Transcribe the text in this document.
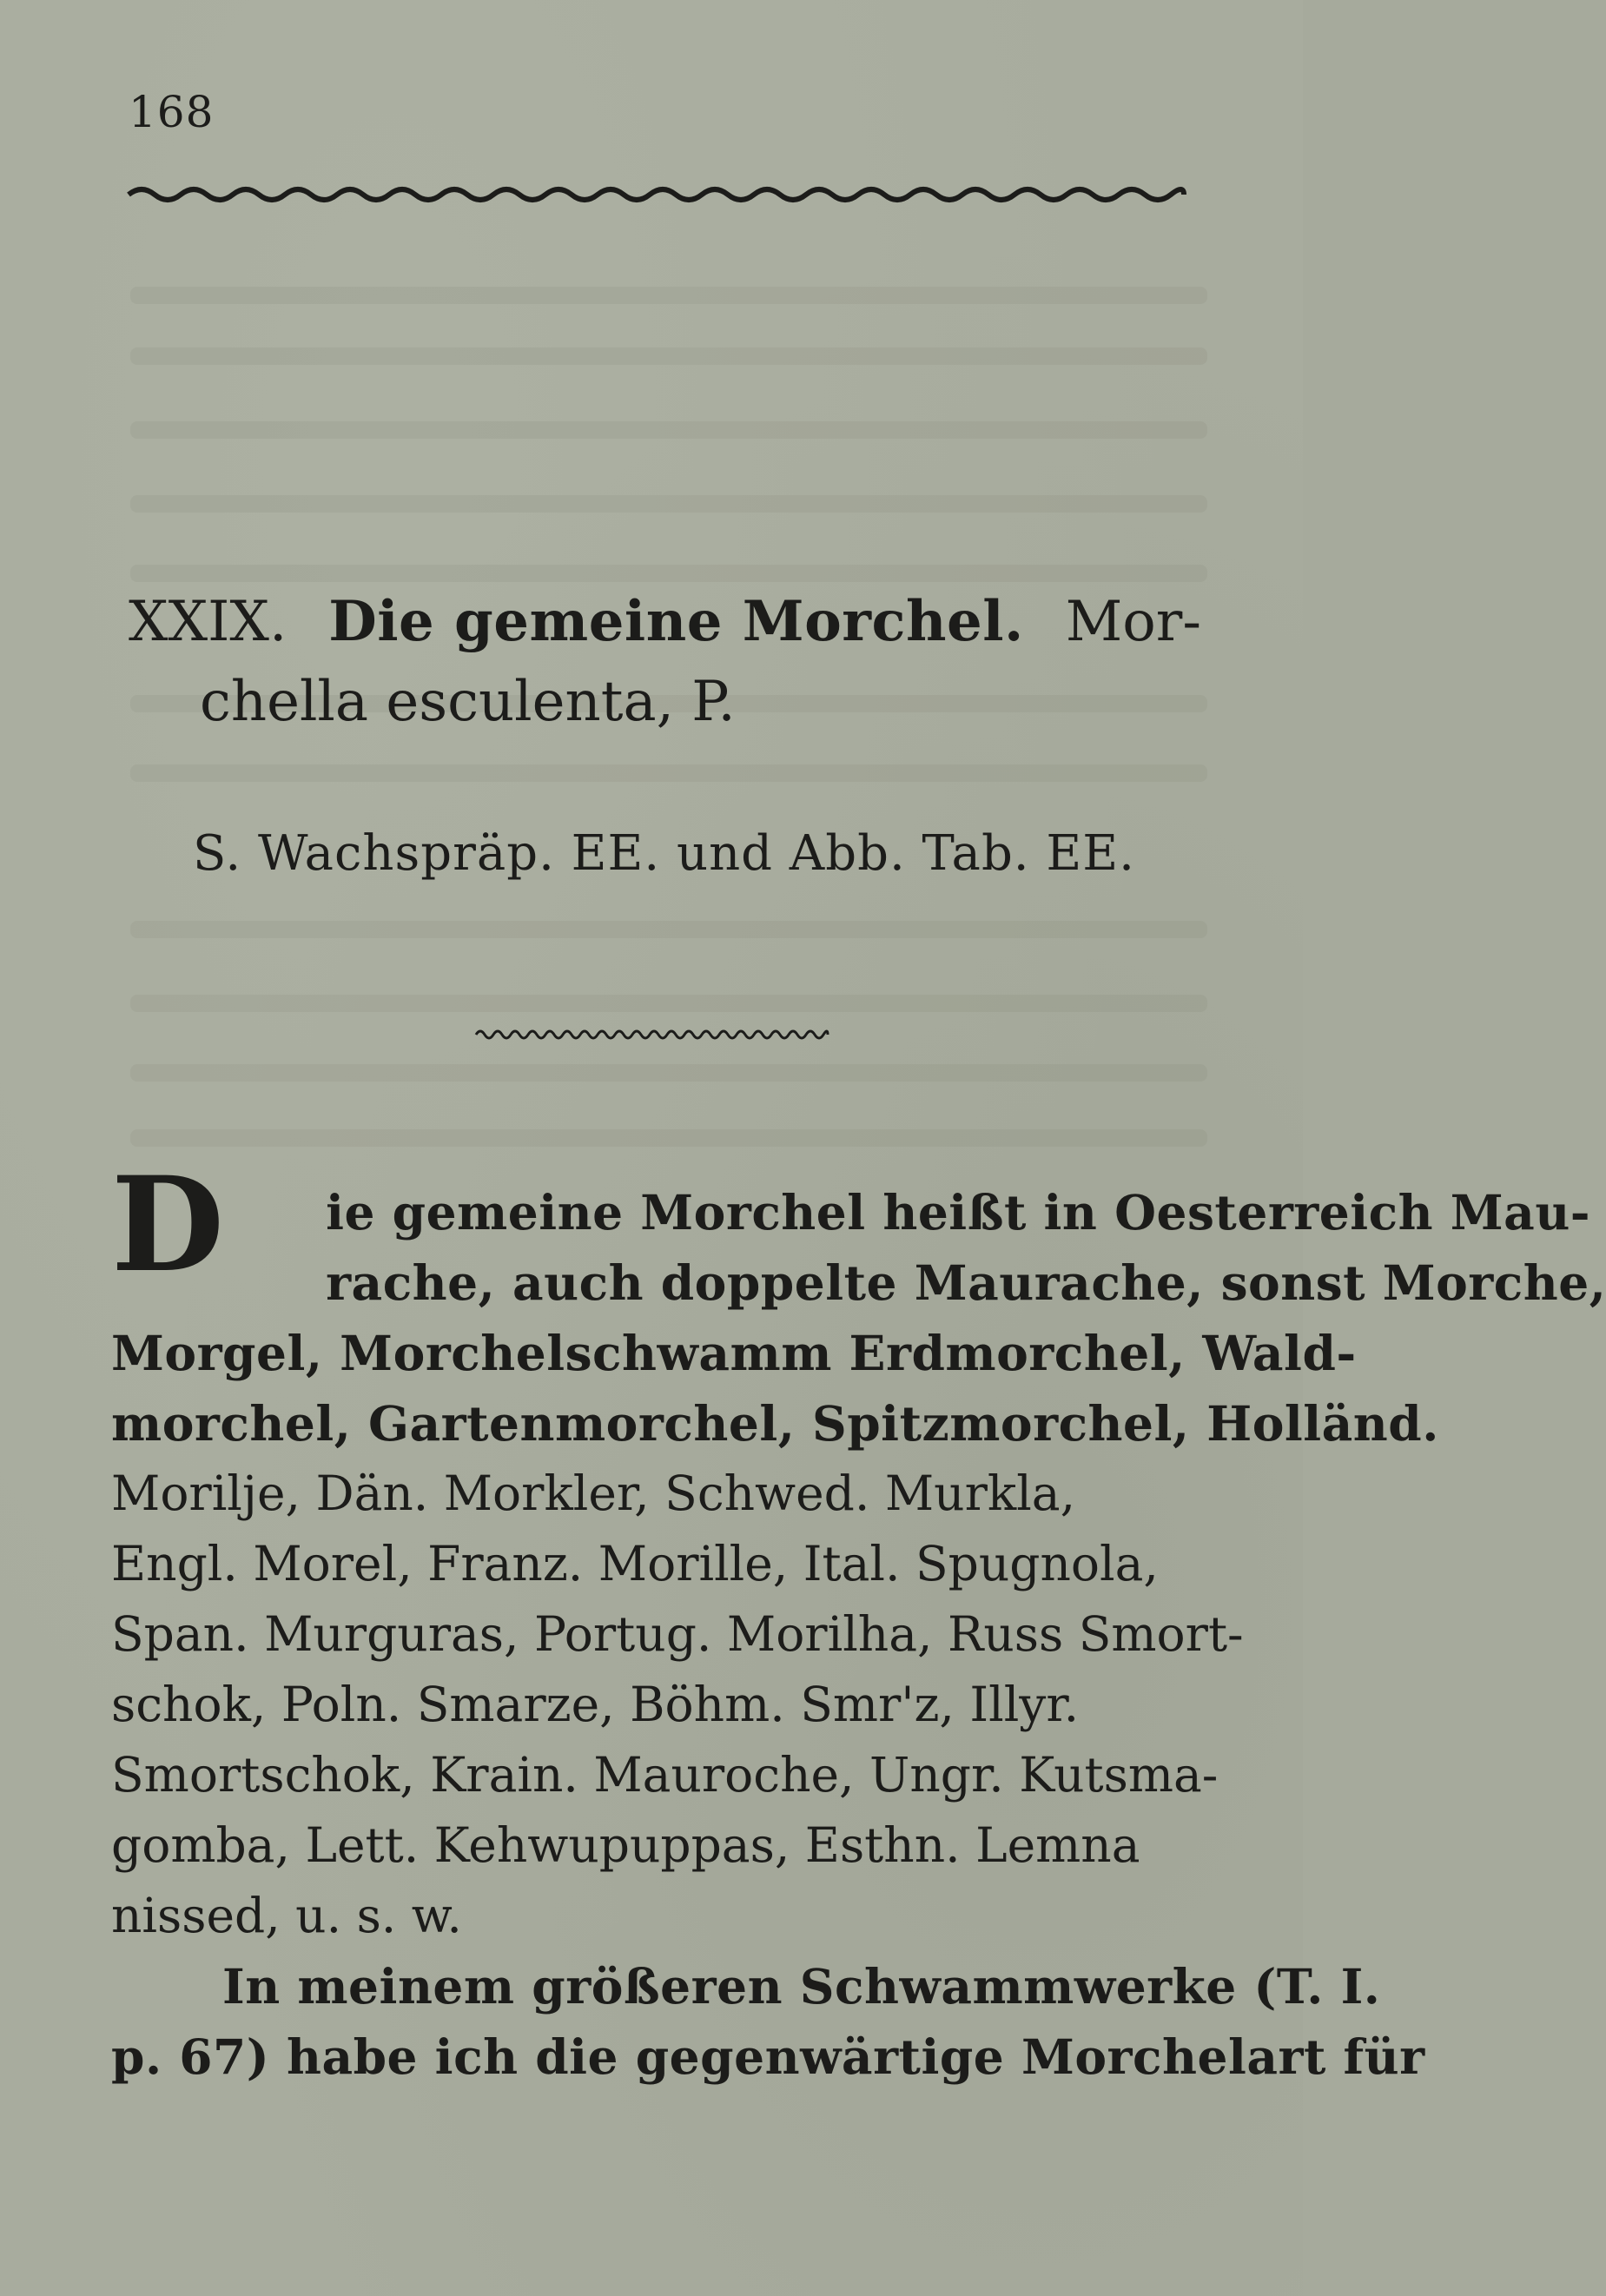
168
XXIX. Die gemeine Morchel. Mor-
chella esculenta, P.
S. Wachspräp. EE. und Abb. Tab. EE.
D	ie gemeine Morchel heißt in Oesterreich Mau-
rache, auch doppelte Maurache, sonst Morche,
Morgel, Morchelschwamm Erdmorchel, Wald-
morchel, Gartenmorchel, Spitzmorchel, Holländ.
Morilje, Dän. Morkler, Schwed. Murkla,
Engl. Morel, Franz. Morille, Ital. Spugnola,
Span. Murguras, Portug. Morilha, Russ Smort-
schok, Poln. Smarze, Böhm. Smr'z, Illyr.
Smortschok, Krain. Mauroche, Ungr. Kutsma-
gomba, Lett. Kehwupuppas, Esthn. Lemna
nissed, u. s. w.
In meinem größeren Schwammwerke (T. I.
p. 67) habe ich die gegenwärtige Morchelart für
